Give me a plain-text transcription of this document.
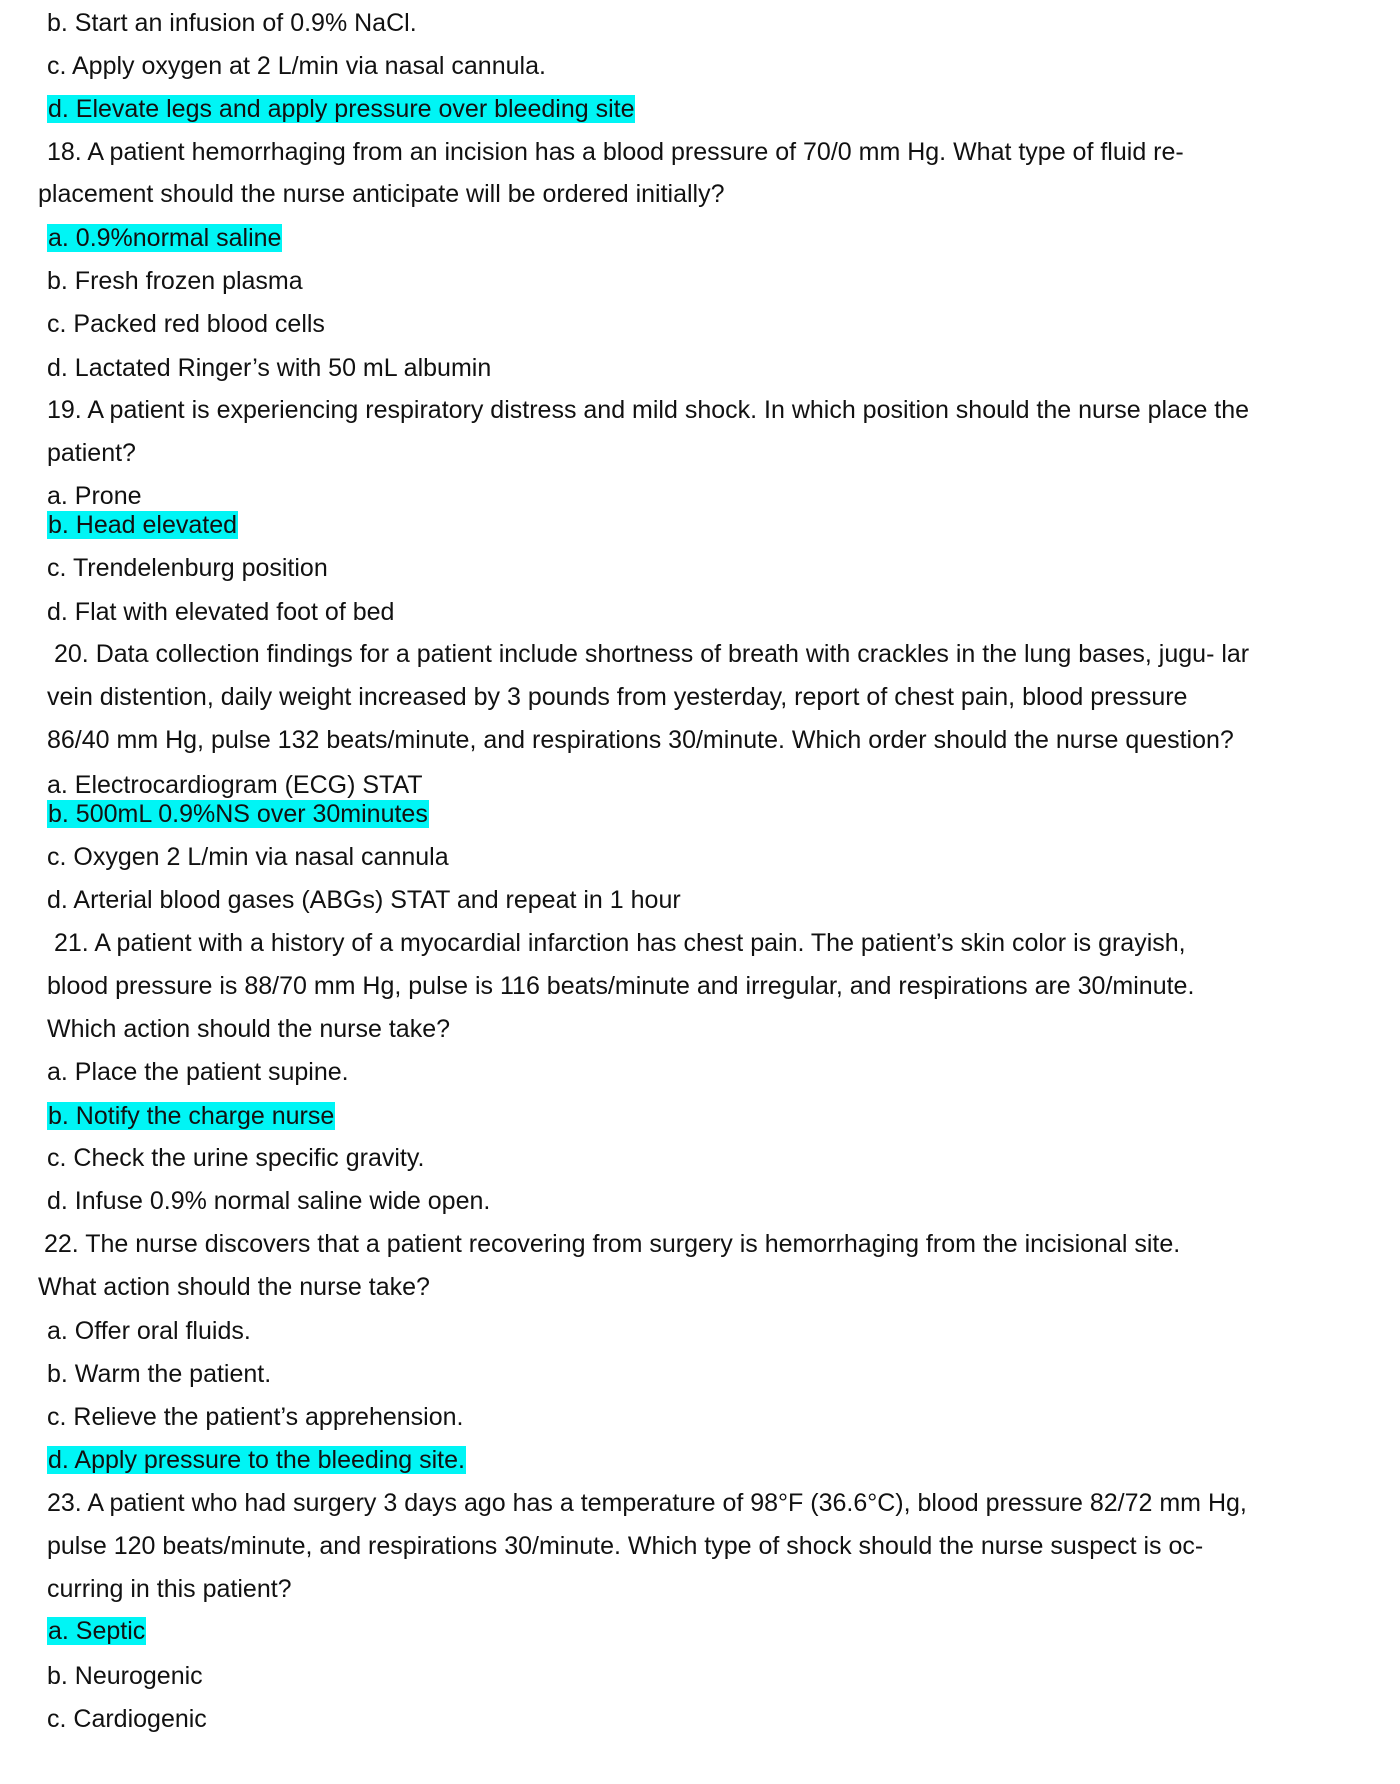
b. Start an infusion of 0.9% NaCl.
c. Apply oxygen at 2 L/min via nasal cannula.
d. Elevate legs and apply pressure over bleeding site
18. A patient hemorrhaging from an incision has a blood pressure of 70/0 mm Hg. What type of fluid re-
placement should the nurse anticipate will be ordered initially?
a. 0.9%normal saline
b. Fresh frozen plasma
c. Packed red blood cells
d. Lactated Ringer’s with 50 mL albumin
19. A patient is experiencing respiratory distress and mild shock. In which position should the nurse place the
patient?
a. Prone
b. Head elevated
c. Trendelenburg position
d. Flat with elevated foot of bed
20. Data collection findings for a patient include shortness of breath with crackles in the lung bases, jugu- lar
vein distention, daily weight increased by 3 pounds from yesterday, report of chest pain, blood pressure
86/40 mm Hg, pulse 132 beats/minute, and respirations 30/minute. Which order should the nurse question?
a. Electrocardiogram (ECG) STAT
b. 500mL 0.9%NS over 30minutes
c. Oxygen 2 L/min via nasal cannula
d. Arterial blood gases (ABGs) STAT and repeat in 1 hour
21. A patient with a history of a myocardial infarction has chest pain. The patient’s skin color is grayish,
blood pressure is 88/70 mm Hg, pulse is 116 beats/minute and irregular, and respirations are 30/minute.
Which action should the nurse take?
a. Place the patient supine.
b. Notify the charge nurse
c. Check the urine specific gravity.
d. Infuse 0.9% normal saline wide open.
22. The nurse discovers that a patient recovering from surgery is hemorrhaging from the incisional site.
What action should the nurse take?
a. Offer oral fluids.
b. Warm the patient.
c. Relieve the patient’s apprehension.
d. Apply pressure to the bleeding site.
23. A patient who had surgery 3 days ago has a temperature of 98°F (36.6°C), blood pressure 82/72 mm Hg,
pulse 120 beats/minute, and respirations 30/minute. Which type of shock should the nurse suspect is oc-
curring in this patient?
a. Septic
b. Neurogenic
c. Cardiogenic
